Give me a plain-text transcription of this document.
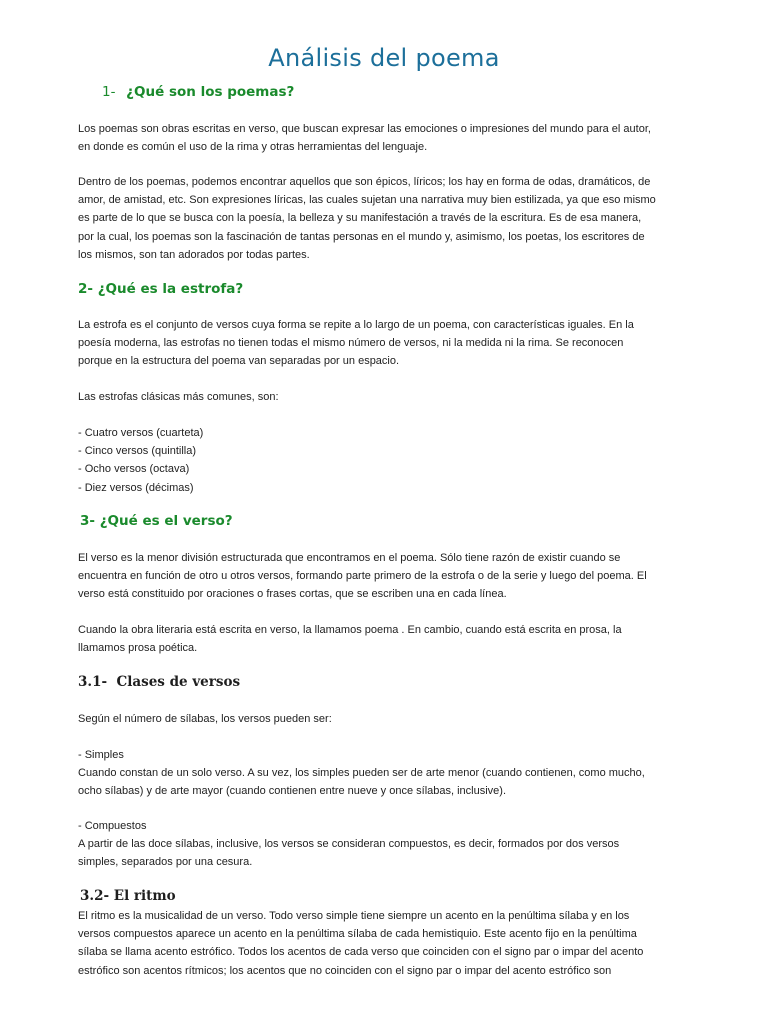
Análisis del poema
1- ¿Qué son los poemas?
Los poemas son obras escritas en verso, que buscan expresar las emociones o impresiones del mundo para el autor,
en donde es común el uso de la rima y otras herramientas del lenguaje.
Dentro de los poemas, podemos encontrar aquellos que son épicos, líricos; los hay en forma de odas, dramáticos, de
amor, de amistad, etc. Son expresiones líricas, las cuales sujetan una narrativa muy bien estilizada, ya que eso mismo
es parte de lo que se busca con la poesía, la belleza y su manifestación a través de la escritura. Es de esa manera,
por la cual, los poemas son la fascinación de tantas personas en el mundo y, asimismo, los poetas, los escritores de
los mismos, son tan adorados por todas partes.
2- ¿Qué es la estrofa?
La estrofa es el conjunto de versos cuya forma se repite a lo largo de un poema, con características iguales. En la
poesía moderna, las estrofas no tienen todas el mismo número de versos, ni la medida ni la rima. Se reconocen
porque en la estructura del poema van separadas por un espacio.
Las estrofas clásicas más comunes, son:
- Cuatro versos (cuarteta)
- Cinco versos (quintilla)
- Ocho versos (octava)
- Diez versos (décimas)
3- ¿Qué es el verso?
El verso es la menor división estructurada que encontramos en el poema. Sólo tiene razón de existir cuando se
encuentra en función de otro u otros versos, formando parte primero de la estrofa o de la serie y luego del poema. El
verso está constituido por oraciones o frases cortas, que se escriben una en cada línea.
Cuando la obra literaria está escrita en verso, la llamamos poema . En cambio, cuando está escrita en prosa, la
llamamos prosa poética.
3.1- Clases de versos
Según el número de sílabas, los versos pueden ser:
- Simples
Cuando constan de un solo verso. A su vez, los simples pueden ser de arte menor (cuando contienen, como mucho,
ocho sílabas) y de arte mayor (cuando contienen entre nueve y once sílabas, inclusive).
- Compuestos
A partir de las doce sílabas, inclusive, los versos se consideran compuestos, es decir, formados por dos versos
simples, separados por una cesura.
3.2- El ritmo
El ritmo es la musicalidad de un verso. Todo verso simple tiene siempre un acento en la penúltima sílaba y en los
versos compuestos aparece un acento en la penúltima sílaba de cada hemistiquio. Este acento fijo en la penúltima
sílaba se llama acento estrófico. Todos los acentos de cada verso que coinciden con el signo par o impar del acento
estrófico son acentos rítmicos; los acentos que no coinciden con el signo par o impar del acento estrófico son
